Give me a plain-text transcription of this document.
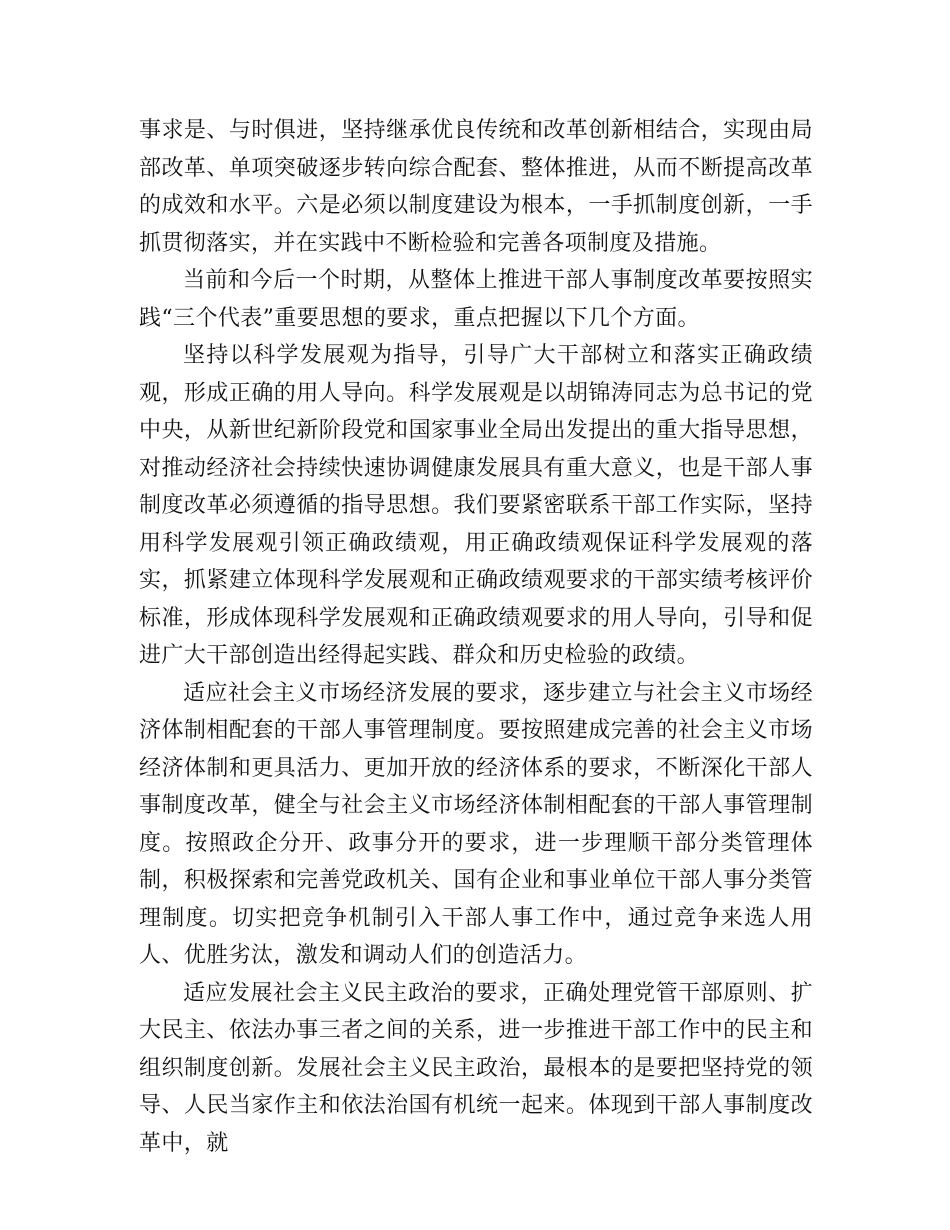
事求是、与时俱进，坚持继承优良传统和改革创新相结合，实现由局部改革、单项突破逐步转向综合配套、整体推进，从而不断提高改革的成效和水平。六是必须以制度建设为根本，一手抓制度创新，一手抓贯彻落实，并在实践中不断检验和完善各项制度及措施。

当前和今后一个时期，从整体上推进干部人事制度改革要按照实践“三个代表”重要思想的要求，重点把握以下几个方面。

坚持以科学发展观为指导，引导广大干部树立和落实正确政绩观，形成正确的用人导向。科学发展观是以胡锦涛同志为总书记的党中央，从新世纪新阶段党和国家事业全局出发提出的重大指导思想，对推动经济社会持续快速协调健康发展具有重大意义，也是干部人事制度改革必须遵循的指导思想。我们要紧密联系干部工作实际，坚持用科学发展观引领正确政绩观，用正确政绩观保证科学发展观的落实，抓紧建立体现科学发展观和正确政绩观要求的干部实绩考核评价标准，形成体现科学发展观和正确政绩观要求的用人导向，引导和促进广大干部创造出经得起实践、群众和历史检验的政绩。

适应社会主义市场经济发展的要求，逐步建立与社会主义市场经济体制相配套的干部人事管理制度。要按照建成完善的社会主义市场经济体制和更具活力、更加开放的经济体系的要求，不断深化干部人事制度改革，健全与社会主义市场经济体制相配套的干部人事管理制度。按照政企分开、政事分开的要求，进一步理顺干部分类管理体制，积极探索和完善党政机关、国有企业和事业单位干部人事分类管理制度。切实把竞争机制引入干部人事工作中，通过竞争来选人用人、优胜劣汰，激发和调动人们的创造活力。

适应发展社会主义民主政治的要求，正确处理党管干部原则、扩大民主、依法办事三者之间的关系，进一步推进干部工作中的民主和组织制度创新。发展社会主义民主政治，最根本的是要把坚持党的领导、人民当家作主和依法治国有机统一起来。体现到干部人事制度改革中，就
